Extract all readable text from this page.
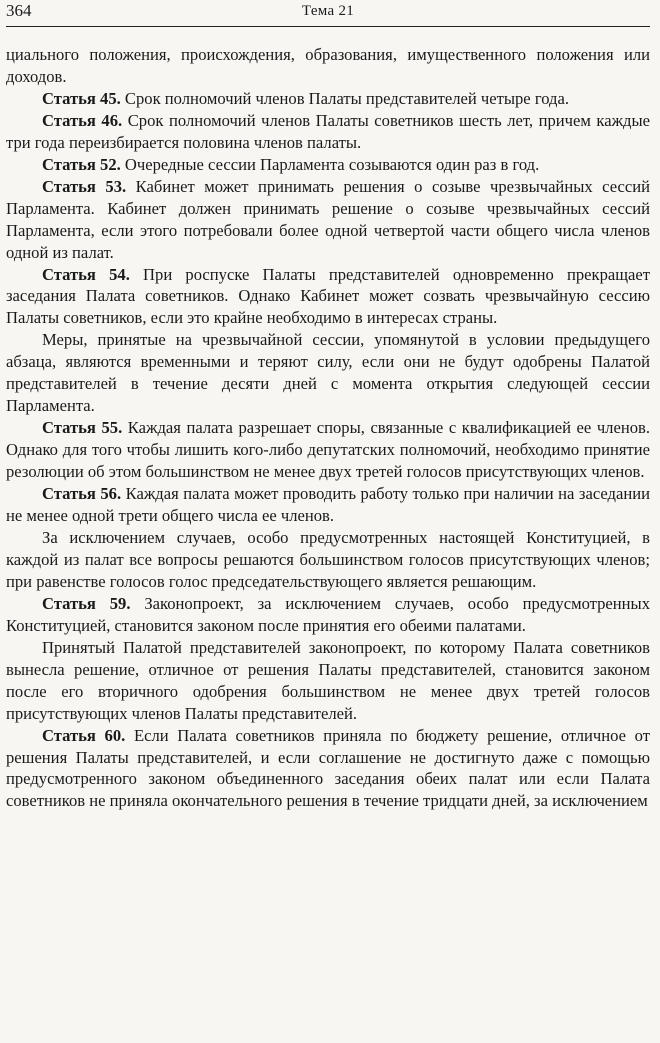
364	Тема 21

циального положения, происхождения, образования, имущественного положения или доходов.

Статья 45. Срок полномочий членов Палаты представителей четыре года.

Статья 46. Срок полномочий членов Палаты советников шесть лет, причем каждые три года переизбирается половина членов палаты.

Статья 52. Очередные сессии Парламента созываются один раз в год.

Статья 53. Кабинет может принимать решения о созыве чрезвычайных сессий Парламента. Кабинет должен принимать решение о созыве чрезвычайных сессий Парламента, если этого потребовали более одной четвертой части общего числа членов одной из палат.

Статья 54. При роспуске Палаты представителей одновременно прекращает заседания Палата советников. Однако Кабинет может созвать чрезвычайную сессию Палаты советников, если это крайне необходимо в интересах страны.

Меры, принятые на чрезвычайной сессии, упомянутой в условии предыдущего абзаца, являются временными и теряют силу, если они не будут одобрены Палатой представителей в течение десяти дней с момента открытия следующей сессии Парламента.

Статья 55. Каждая палата разрешает споры, связанные с квалификацией ее членов. Однако для того чтобы лишить кого-либо депутатских полномочий, необходимо принятие резолюции об этом большинством не менее двух третей голосов присутствующих членов.

Статья 56. Каждая палата может проводить работу только при наличии на заседании не менее одной трети общего числа ее членов.

За исключением случаев, особо предусмотренных настоящей Конституцией, в каждой из палат все вопросы решаются большинством голосов присутствующих членов; при равенстве голосов голос председательствующего является решающим.

Статья 59. Законопроект, за исключением случаев, особо предусмотренных Конституцией, становится законом после принятия его обеими палатами.

Принятый Палатой представителей законопроект, по которому Палата советников вынесла решение, отличное от решения Палаты представителей, становится законом после его вторичного одобрения большинством не менее двух третей голосов присутствующих членов Палаты представителей.

Статья 60. Если Палата советников приняла по бюджету решение, отличное от решения Палаты представителей, и если соглашение не достигнуто даже с помощью предусмотренного законом объединенного заседания обеих палат или если Палата советников не приняла окончательного решения в течение тридцати дней, за исключением
